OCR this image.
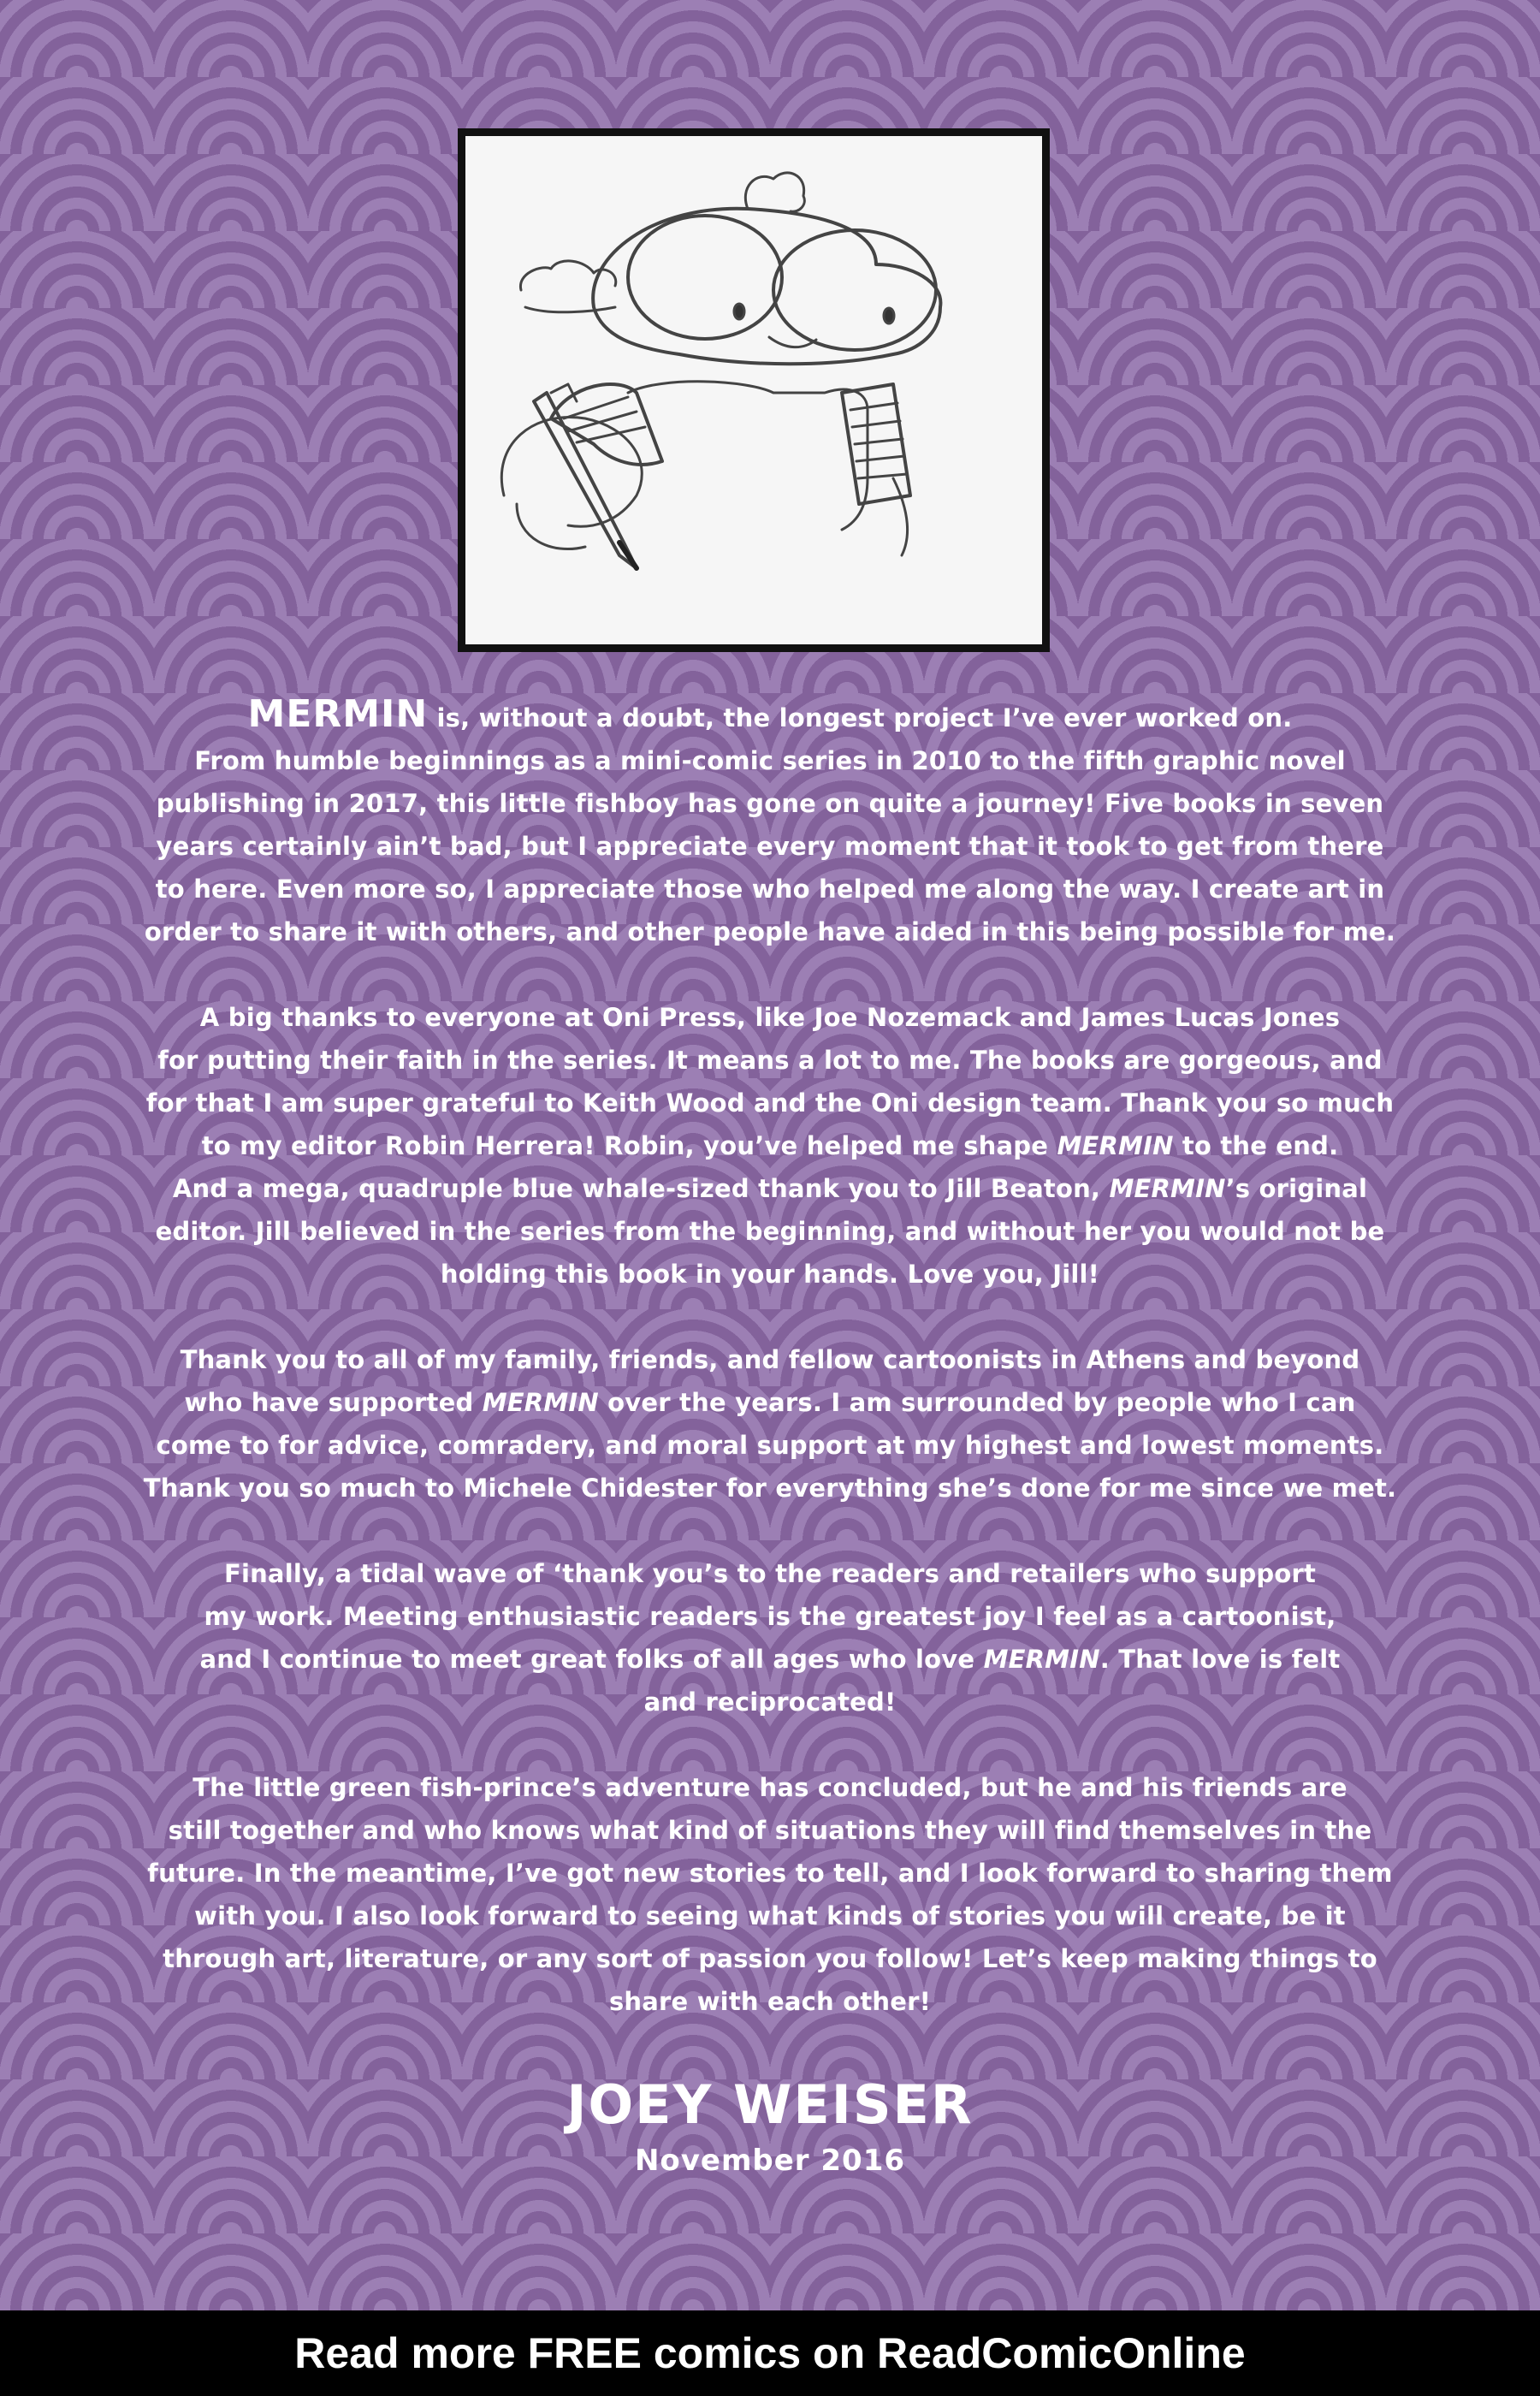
MERMIN is, without a doubt, the longest project I’ve ever worked on.
From humble beginnings as a mini-comic series in 2010 to the fifth graphic novel
publishing in 2017, this little fishboy has gone on quite a journey! Five books in seven
years certainly ain’t bad, but I appreciate every moment that it took to get from there
to here. Even more so, I appreciate those who helped me along the way. I create art in
order to share it with others, and other people have aided in this being possible for me.

A big thanks to everyone at Oni Press, like Joe Nozemack and James Lucas Jones
for putting their faith in the series. It means a lot to me. The books are gorgeous, and
for that I am super grateful to Keith Wood and the Oni design team. Thank you so much
to my editor Robin Herrera! Robin, you’ve helped me shape MERMIN to the end.
And a mega, quadruple blue whale-sized thank you to Jill Beaton, MERMIN’s original
editor. Jill believed in the series from the beginning, and without her you would not be
holding this book in your hands. Love you, Jill!

Thank you to all of my family, friends, and fellow cartoonists in Athens and beyond
who have supported MERMIN over the years. I am surrounded by people who I can
come to for advice, comradery, and moral support at my highest and lowest moments.
Thank you so much to Michele Chidester for everything she’s done for me since we met.

Finally, a tidal wave of ‘thank you’s to the readers and retailers who support
my work. Meeting enthusiastic readers is the greatest joy I feel as a cartoonist,
and I continue to meet great folks of all ages who love MERMIN. That love is felt
and reciprocated!

The little green fish-prince’s adventure has concluded, but he and his friends are
still together and who knows what kind of situations they will find themselves in the
future. In the meantime, I’ve got new stories to tell, and I look forward to sharing them
with you. I also look forward to seeing what kinds of stories you will create, be it
through art, literature, or any sort of passion you follow! Let’s keep making things to
share with each other!

JOEY WEISER
November 2016
Read more FREE comics on ReadComicOnline
